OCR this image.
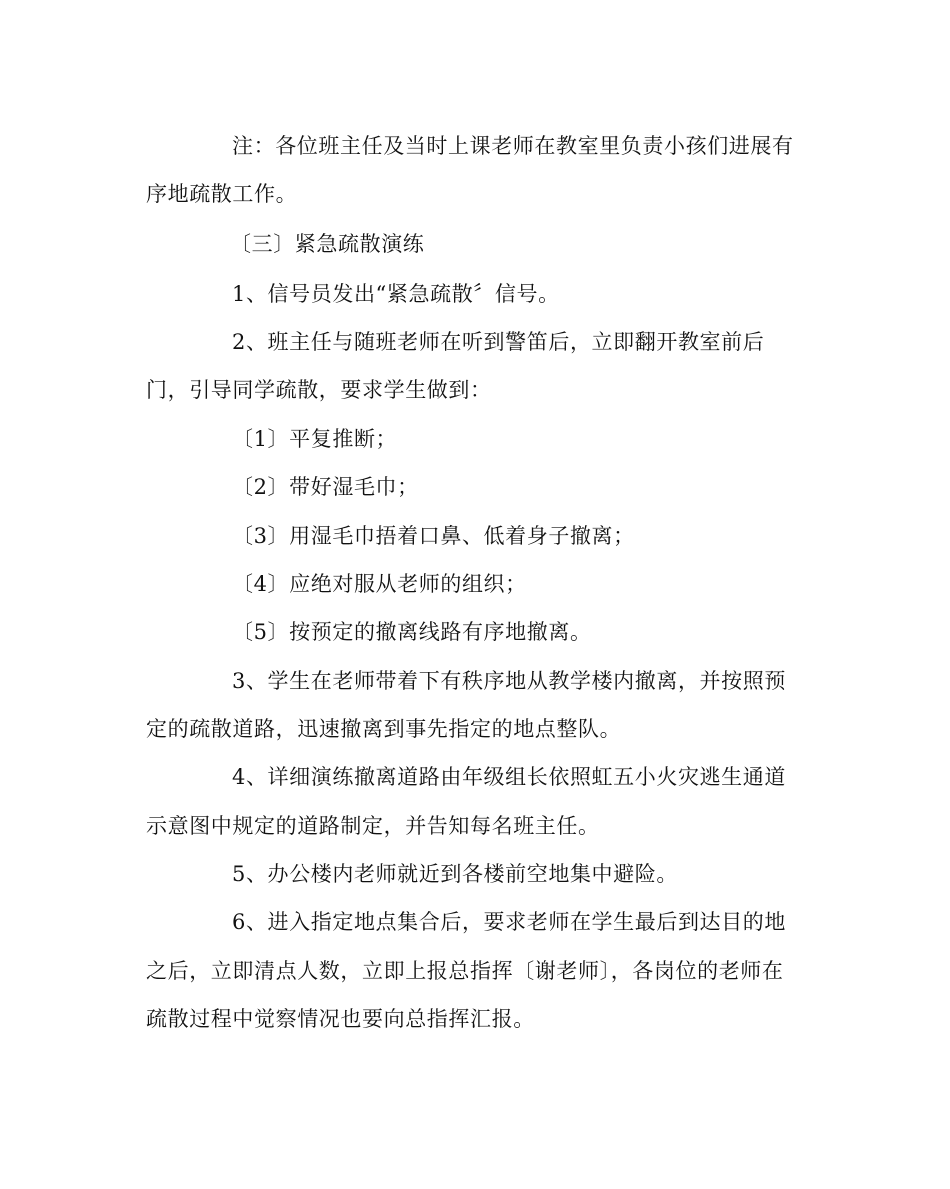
注：各位班主任及当时上课老师在教室里负责小孩们进展有
序地疏散工作。
〔三〕紧急疏散演练
1、信号员发出“紧急疏散〞信号。
2、班主任与随班老师在听到警笛后，立即翻开教室前后
门，引导同学疏散，要求学生做到：
〔1〕平复推断；
〔2〕带好湿毛巾；
〔3〕用湿毛巾捂着口鼻、低着身子撤离；
〔4〕应绝对服从老师的组织；
〔5〕按预定的撤离线路有序地撤离。
3、学生在老师带着下有秩序地从教学楼内撤离，并按照预
定的疏散道路，迅速撤离到事先指定的地点整队。
4、详细演练撤离道路由年级组长依照虹五小火灾逃生通道
示意图中规定的道路制定，并告知每名班主任。
5、办公楼内老师就近到各楼前空地集中避险。
6、进入指定地点集合后，要求老师在学生最后到达目的地
之后，立即清点人数，立即上报总指挥〔谢老师〕，各岗位的老师在
疏散过程中觉察情况也要向总指挥汇报。
